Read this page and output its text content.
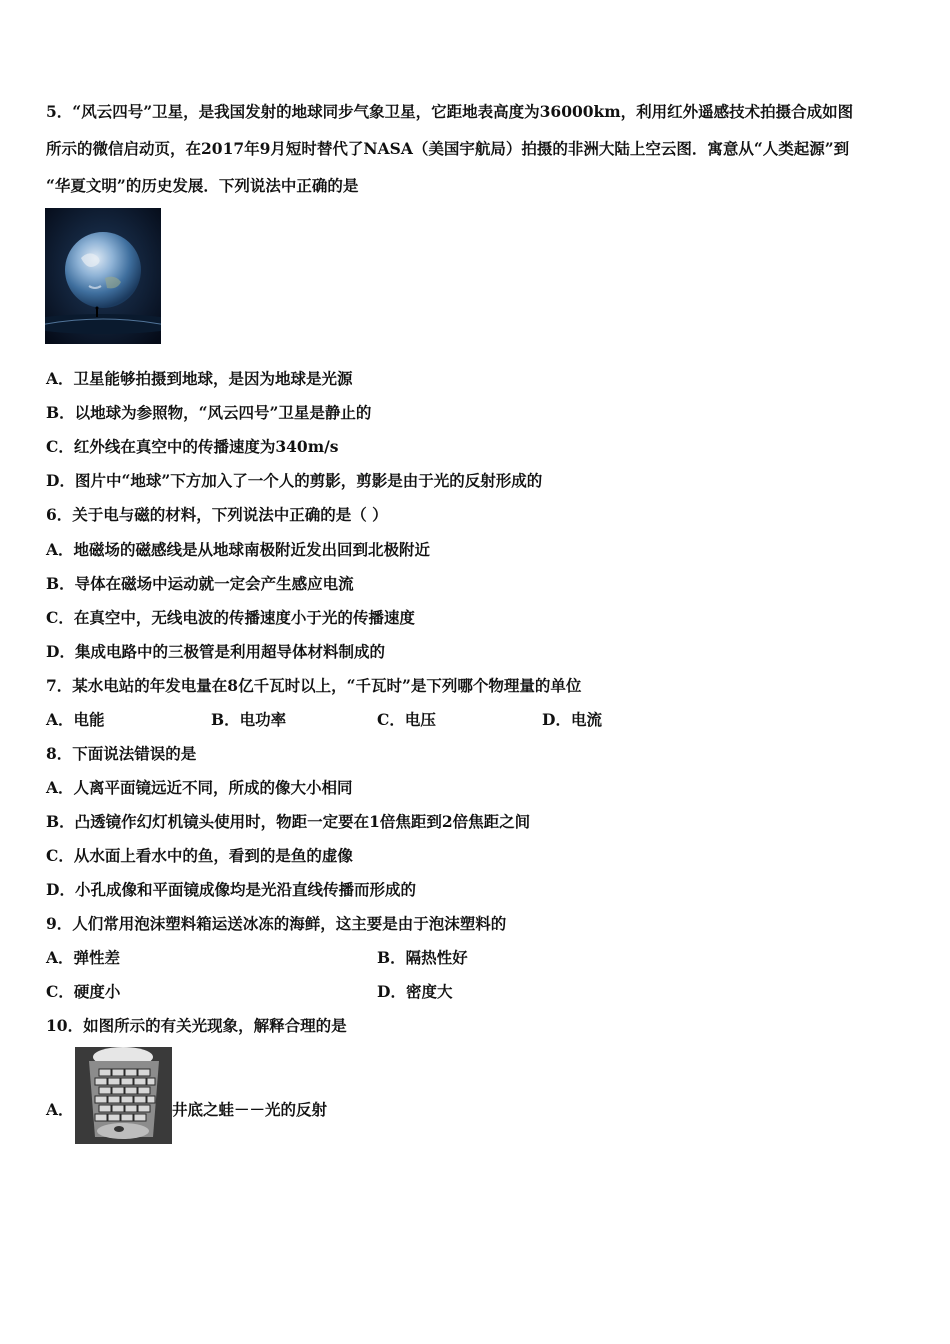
5．“风云四号”卫星，是我国发射的地球同步气象卫星，它距地表高度为36000km，利用红外遥感技术拍摄合成如图
所示的微信启动页，在2017年9月短时替代了NASA（美国宇航局）拍摄的非洲大陆上空云图．寓意从“人类起源”到
“华夏文明”的历史发展．下列说法中正确的是
A．卫星能够拍摄到地球，是因为地球是光源
B．以地球为参照物，“风云四号”卫星是静止的
C．红外线在真空中的传播速度为340m/s
D．图片中“地球”下方加入了一个人的剪影，剪影是由于光的反射形成的
6．关于电与磁的材料，下列说法中正确的是（ ）
A．地磁场的磁感线是从地球南极附近发出回到北极附近
B．导体在磁场中运动就一定会产生感应电流
C．在真空中，无线电波的传播速度小于光的传播速度
D．集成电路中的三极管是利用超导体材料制成的
7．某水电站的年发电量在8亿千瓦时以上，“千瓦时”是下列哪个物理量的单位
A．电能	B．电功率	C．电压	D．电流
8．下面说法错误的是
A．人离平面镜远近不同，所成的像大小相同
B．凸透镜作幻灯机镜头使用时，物距一定要在1倍焦距到2倍焦距之间
C．从水面上看水中的鱼，看到的是鱼的虚像
D．小孔成像和平面镜成像均是光沿直线传播而形成的
9．人们常用泡沫塑料箱运送冰冻的海鲜，这主要是由于泡沫塑料的
A．弹性差	B．隔热性好
C．硬度小	D．密度大
10．如图所示的有关光现象，解释合理的是
A．	井底之蛙－－光的反射
